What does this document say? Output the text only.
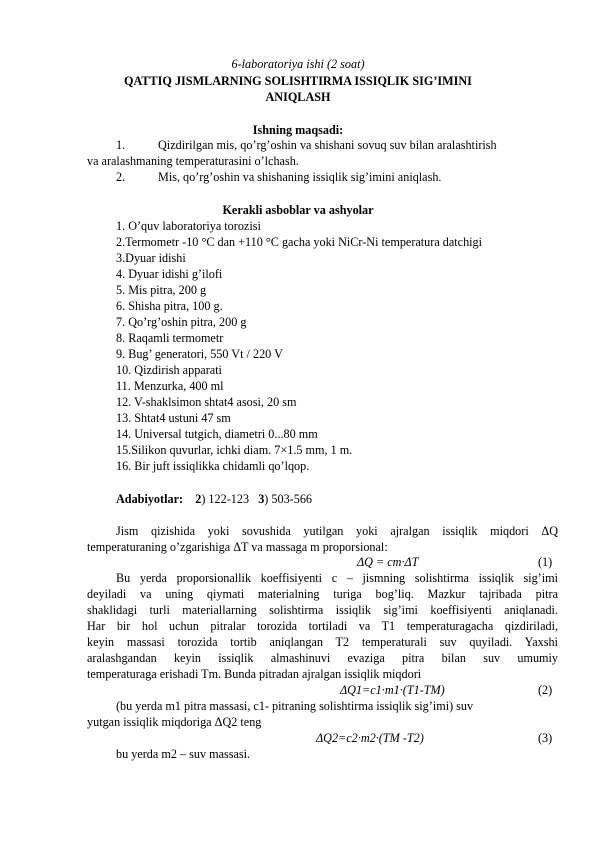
6-laboratoriya ishi (2 soat)
QATTIQ JISMLARNING SOLISHTIRMA ISSIQLIK SIG’IMINI
ANIQLASH
Ishning maqsadi:
1.	Qizdirilgan mis, qo’rg’oshin va shishani sovuq suv bilan aralashtirish
va aralashmaning temperaturasini o’lchash.
2.	Mis, qo’rg’oshin va shishaning issiqlik sig’imini aniqlash.
Kerakli asboblar va ashyolar
1. O’quv laboratoriya torozisi
2.Termometr -10 °C dan +110 °C gacha yoki NiCr-Ni temperatura datchigi
3.Dyuar idishi
4. Dyuar idishi g’ilofi
5. Mis pitra, 200 g
6. Shisha pitra, 100 g.
7. Qo’rg’oshin pitra, 200 g
8. Raqamli termometr
9. Bug’ generatori, 550 Vt / 220 V
10. Qizdirish apparati
11. Menzurka, 400 ml
12. V-shaklsimon shtat4 asosi, 20 sm
13. Shtat4 ustuni 47 sm
14. Universal tutgich, diametri 0...80 mm
15.Silikon quvurlar, ichki diam. 7×1.5 mm, 1 m.
16. Bir juft issiqlikka chidamli qo’lqop.
Adabiyotlar: 2) 122-123 3) 503-566
Jism qizishida yoki sovushida yutilgan yoki ajralgan issiqlik miqdori ΔQ
temperaturaning o’zgarishiga ΔT va massaga m proporsional:
ΔQ = cm·ΔT	(1)
Bu yerda proporsionallik koeffisiyenti c – jismning solishtirma issiqlik sig’imi
deyiladi va uning qiymati materialning turiga bog’liq. Mazkur tajribada pitra
shaklidagi turli materiallarning solishtirma issiqlik sig’imi koeffisiyenti aniqlanadi.
Har bir hol uchun pitralar torozida tortiladi va T1 temperaturagacha qizdiriladi,
keyin massasi torozida tortib aniqlangan T2 temperaturali suv quyiladi. Yaxshi
aralashgandan keyin issiqlik almashinuvi evaziga pitra bilan suv umumiy
temperaturaga erishadi Tm. Bunda pitradan ajralgan issiqlik miqdori
ΔQ1=c1·m1·(T1-TM)	(2)
(bu yerda m1 pitra massasi, c1- pitraning solishtirma issiqlik sig’imi) suv
yutgan issiqlik miqdoriga ΔQ2 teng
ΔQ2=c2·m2·(TM -T2)	(3)
bu yerda m2 – suv massasi.
